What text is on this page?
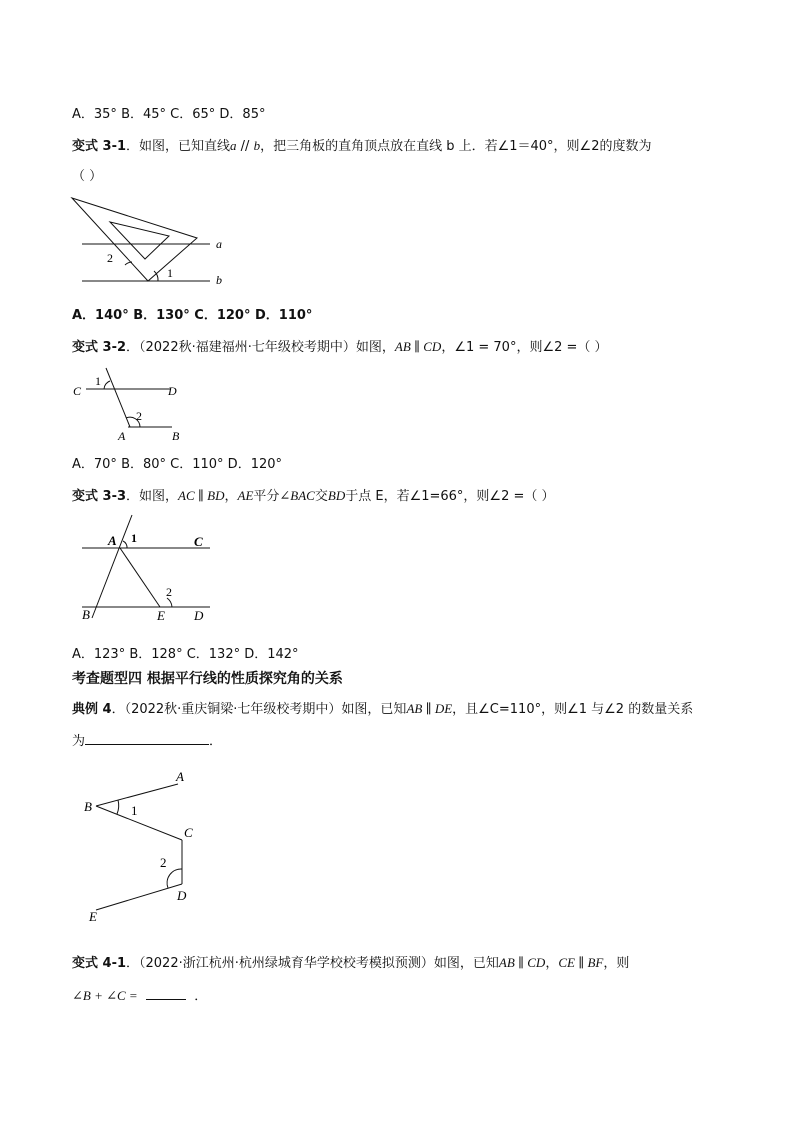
A．35° B．45° C．65° D．85°
变式 3-1．如图，已知直线a // b，把三角板的直角顶点放在直线 b 上．若∠1＝40°，则∠2的度数为
（ ）
a
b
1
2
A．140° B．130° C．120° D．110°
变式 3-2．（2022秋·福建福州·七年级校考期中）如图，AB ∥ CD，∠1 = 70°，则∠2 =（ ）
C	D
A	B
1
2
A．70° B．80° C．110° D．120°
变式 3-3．如图，AC ∥ BD，AE平分∠BAC交BD于点 E，若∠1=66°，则∠2 =（ ）
A 1	C
B	E D
2
A．123° B．128° C．132° D．142°
考查题型四 根据平行线的性质探究角的关系
典例 4．（2022秋·重庆铜梁·七年级校考期中）如图，已知AB ∥ DE，且∠C=110°，则∠1 与∠2 的数量关系
为	．
A
B	1
C
2
D
E
变式 4-1．（2022·浙江杭州·杭州绿城育华学校校考模拟预测）如图，已知AB ∥ CD，CE ∥ BF，则
∠B + ∠C =	．
